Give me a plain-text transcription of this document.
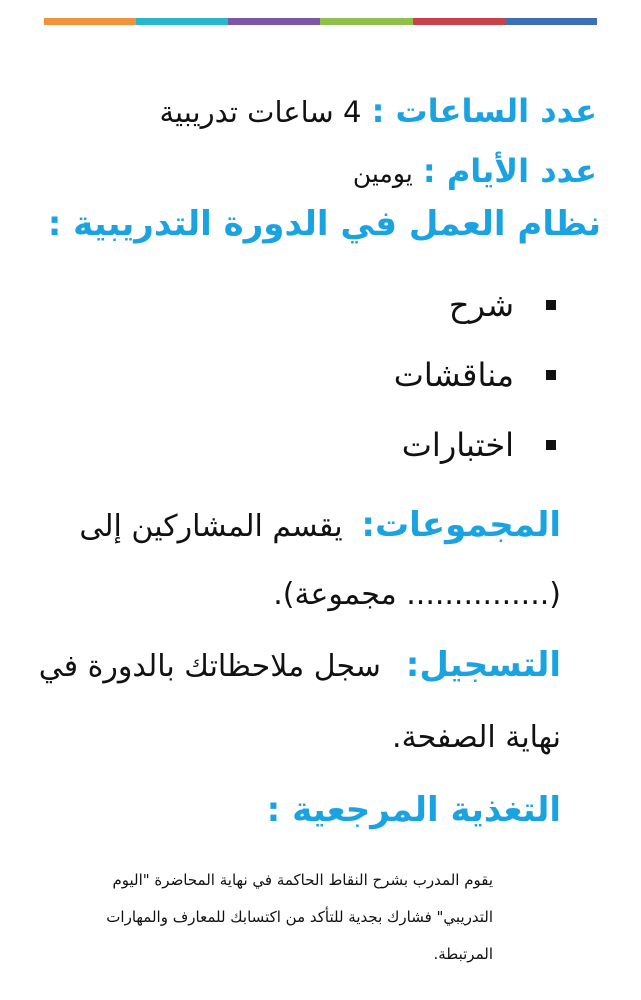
عدد الساعات : 4 ساعات تدريبية
عدد الأيام : يومين
نظام العمل في الدورة التدريبية :
شرح
مناقشات
اختبارات
المجموعات: يقسم المشاركين إلى
(............... مجموعة).
التسجيل: سجل ملاحظاتك بالدورة في
نهاية الصفحة.
التغذية المرجعية :

يقوم المدرب بشرح النقاط الحاكمة في نهاية المحاضرة "اليوم التدريبي" فشارك بجدية للتأكد من اكتسابك للمعارف والمهارات المرتبطة.
